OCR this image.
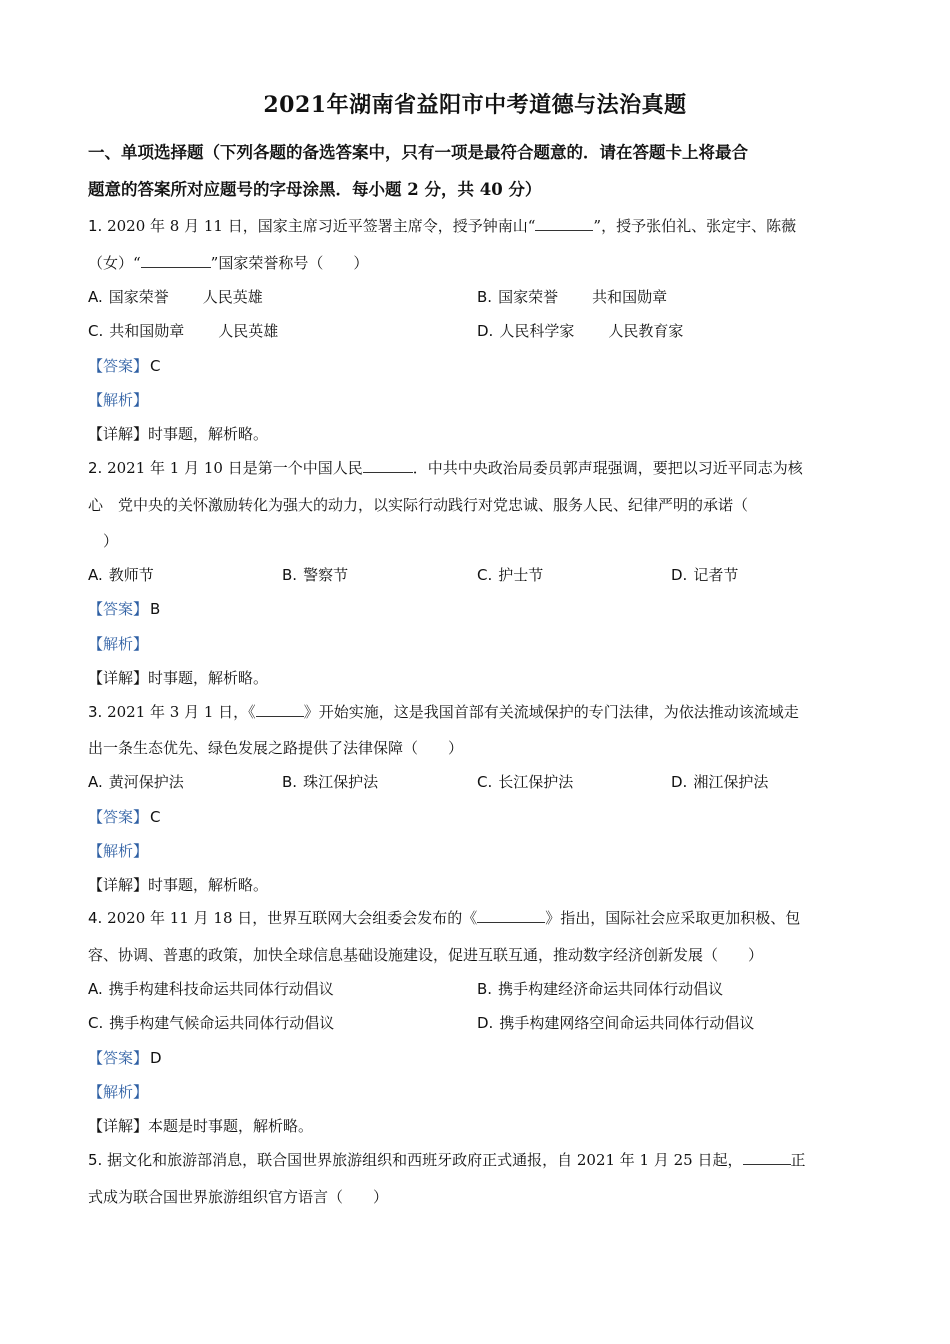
2021年湖南省益阳市中考道德与法治真题
一、单项选择题（下列各题的备选答案中，只有一项是最符合题意的．请在答题卡上将最合
题意的答案所对应题号的字母涂黑．每小题 2 分，共 40 分）
1. 2020 年 8 月 11 日，国家主席习近平签署主席令，授予钟南山“	”，授予张伯礼、张定宇、陈薇
（女）“	”国家荣誉称号（　　）
A. 国家荣誉 人民英雄	B. 国家荣誉 共和国勋章
C. 共和国勋章 人民英雄	D. 人民科学家 人民教育家
【答案】 C
【解析】
【详解】时事题，解析略。
2. 2021 年 1 月 10 日是第一个中国人民	．中共中央政治局委员郭声琨强调，要把以习近平同志为核
心　党中央的关怀激励转化为强大的动力，以实际行动践行对党忠诚、服务人民、纪律严明的承诺（
　）
A. 教师节	B. 警察节	C. 护士节	D. 记者节
【答案】 B
【解析】
【详解】时事题，解析略。
3. 2021 年 3 月 1 日，《	》开始实施，这是我国首部有关流域保护的专门法律，为依法推动该流域走
出一条生态优先、绿色发展之路提供了法律保障（　　）
A. 黄河保护法	B. 珠江保护法	C. 长江保护法	D. 湘江保护法
【答案】 C
【解析】
【详解】时事题，解析略。
4. 2020 年 11 月 18 日，世界互联网大会组委会发布的《	》指出，国际社会应采取更加积极、包
容、协调、普惠的政策，加快全球信息基础设施建设，促进互联互通，推动数字经济创新发展（　　）
A. 携手构建科技命运共同体行动倡议	B. 携手构建经济命运共同体行动倡议
C. 携手构建气候命运共同体行动倡议	D. 携手构建网络空间命运共同体行动倡议
【答案】 D
【解析】
【详解】本题是时事题，解析略。
5. 据文化和旅游部消息，联合国世界旅游组织和西班牙政府正式通报，自 2021 年 1 月 25 日起，	正
式成为联合国世界旅游组织官方语言（　　）
